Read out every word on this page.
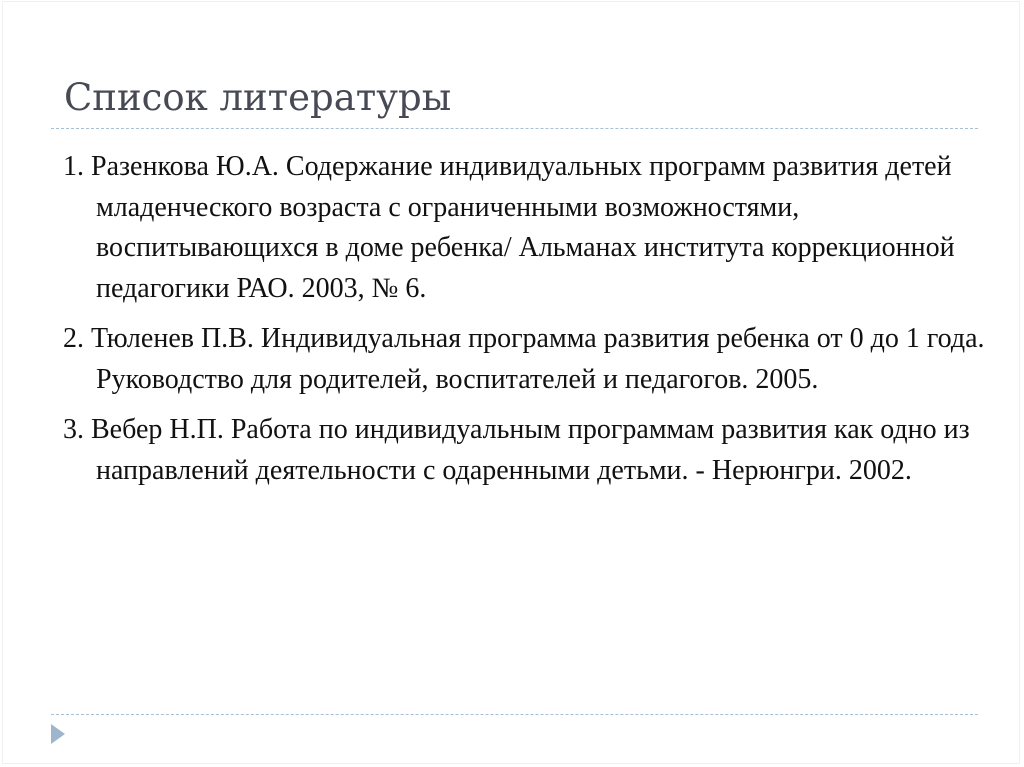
Список литературы
1. Разенкова Ю.А. Содержание индивидуальных программ развития детей младенческого возраста с ограниченными возможностями, воспитывающихся в доме ребенка/ Альманах института коррекционной педагогики РАО. 2003, № 6.
2. Тюленев П.В. Индивидуальная программа развития ребенка от 0 до 1 года. Руководство для родителей, воспитателей и педагогов. 2005.
3. Вебер Н.П. Работа по индивидуальным программам развития как одно из направлений деятельности с одаренными детьми. - Нерюнгри. 2002.
